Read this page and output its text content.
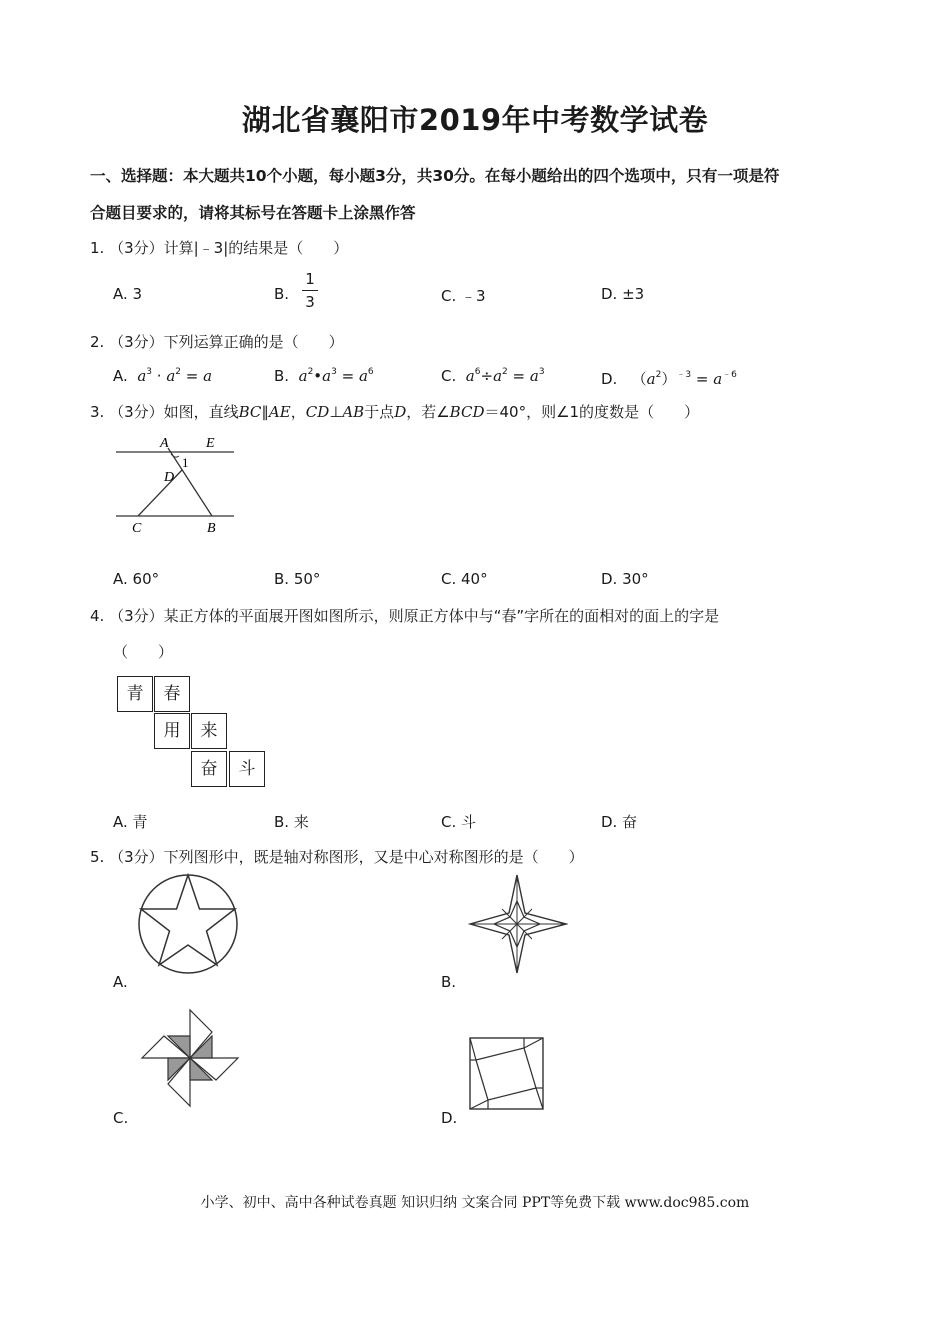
湖北省襄阳市2019年中考数学试卷
一、选择题：本大题共10个小题，每小题3分，共30分。在每小题给出的四个选项中，只有一项是符
合题目要求的，请将其标号在答题卡上涂黑作答
1. （3分）计算|﹣3|的结果是（　　）
A. 3	B.
1
3	C. ﹣3	D. ±3
2. （3分）下列运算正确的是（　　）
A. $a^3 \cdot a^2 = a$	B. $a^2•a^3 = a^6$	C. $a^6\div a^2 = a^3$	D.   $(a^2)^{﹣3} = a^{﹣6}$
3. （3分）如图，直线BC∥AE，CD⊥AB于点D，若∠BCD＝40°，则∠1的度数是（　　）
A	E
1
D
C	B
A. 60°	B. 50°	C. 40°	D. 30°
4. （3分）某正方体的平面展开图如图所示，则原正方体中与“春”字所在的面相对的面上的字是
（　　）
青	春
用	来
奋	斗
A. 青	B. 来	C. 斗	D. 奋
5. （3分）下列图形中，既是轴对称图形，又是中心对称图形的是（　　）
A.	B.
C.	D.
小学、初中、高中各种试卷真题 知识归纳 文案合同 PPT等免费下载 www.doc985.com
